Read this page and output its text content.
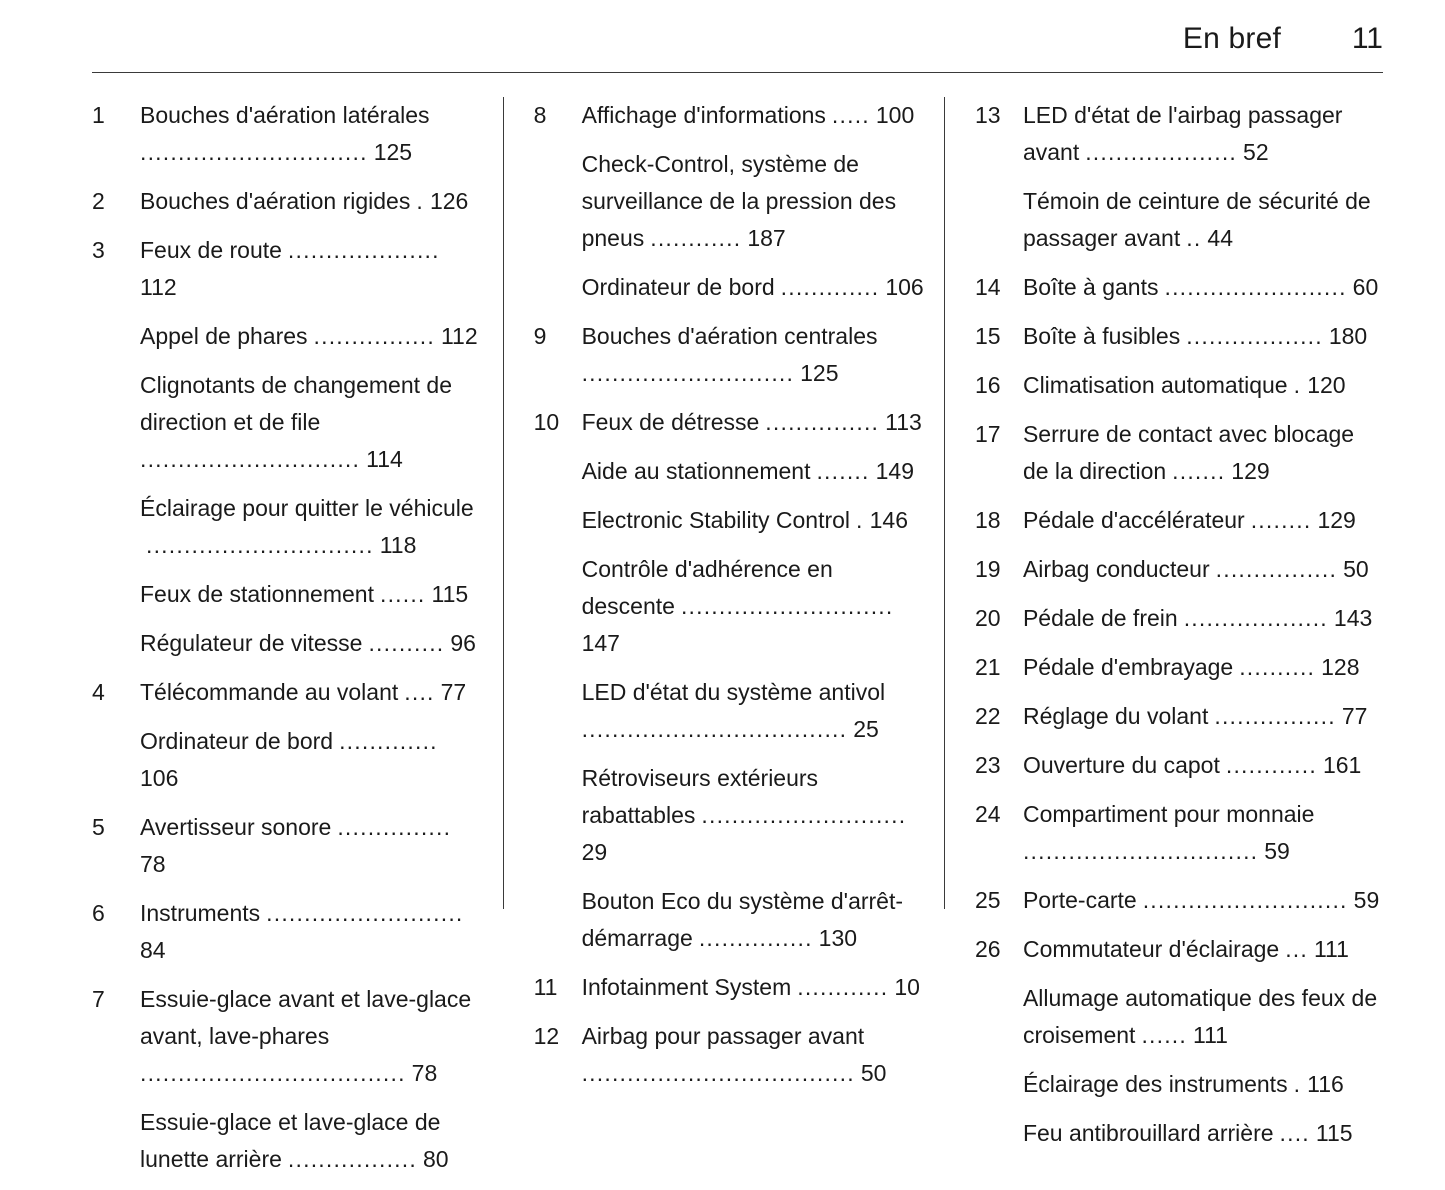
En bref 11
1	Bouches d'aération latérales.............................. 125
2	Bouches d'aération rigides . 126
3	Feux de route ....................112
Appel de phares ................ 112
Clignotants de changement de direction et de file............................. 114
Éclairage pour quitter le véhicule.............................. 118
Feux de stationnement ...... 115
Régulateur de vitesse .......... 96
4	Télécommande au volant .... 77
Ordinateur de bord .............106
5	Avertisseur sonore ...............78
6	Instruments ..........................84
7	Essuie-glace avant et lave-glace avant, lave-phares................................... 78
Essuie-glace et lave-glace de lunette arrière ................. 80
8	Affichage d'informations ..... 100
Check-Control, système de surveillance de la pression des pneus ............ 187
Ordinateur de bord ............. 106
9	Bouches d'aération centrales............................ 125
10 Feux de détresse ............... 113
Aide au stationnement ....... 149
Electronic Stability Control . 146
Contrôle d'adhérence en descente ............................147
LED d'état du système antivol................................... 25
Rétroviseurs extérieurs rabattables ...........................29
Bouton Eco du système d'arrêt-démarrage ............... 130
11	Infotainment System ............ 10
12 Airbag pour passager avant.................................... 50
13 LED d'état de l'airbag passager avant .................... 52
Témoin de ceinture de sécurité de passager avant .. 44
14 Boîte à gants ........................ 60
15 Boîte à fusibles .................. 180
16 Climatisation automatique . 120
17 Serrure de contact avec blocage de la direction ....... 129
18 Pédale d'accélérateur ........ 129
19 Airbag conducteur ................ 50
20 Pédale de frein ................... 143
21 Pédale d'embrayage .......... 128
22 Réglage du volant ................ 77
23 Ouverture du capot ............ 161
24 Compartiment pour monnaie............................... 59
25 Porte-carte ........................... 59
26 Commutateur d'éclairage ... 111
Allumage automatique des feux de croisement ...... 111
Éclairage des instruments . 116
Feu antibrouillard arrière .... 115
